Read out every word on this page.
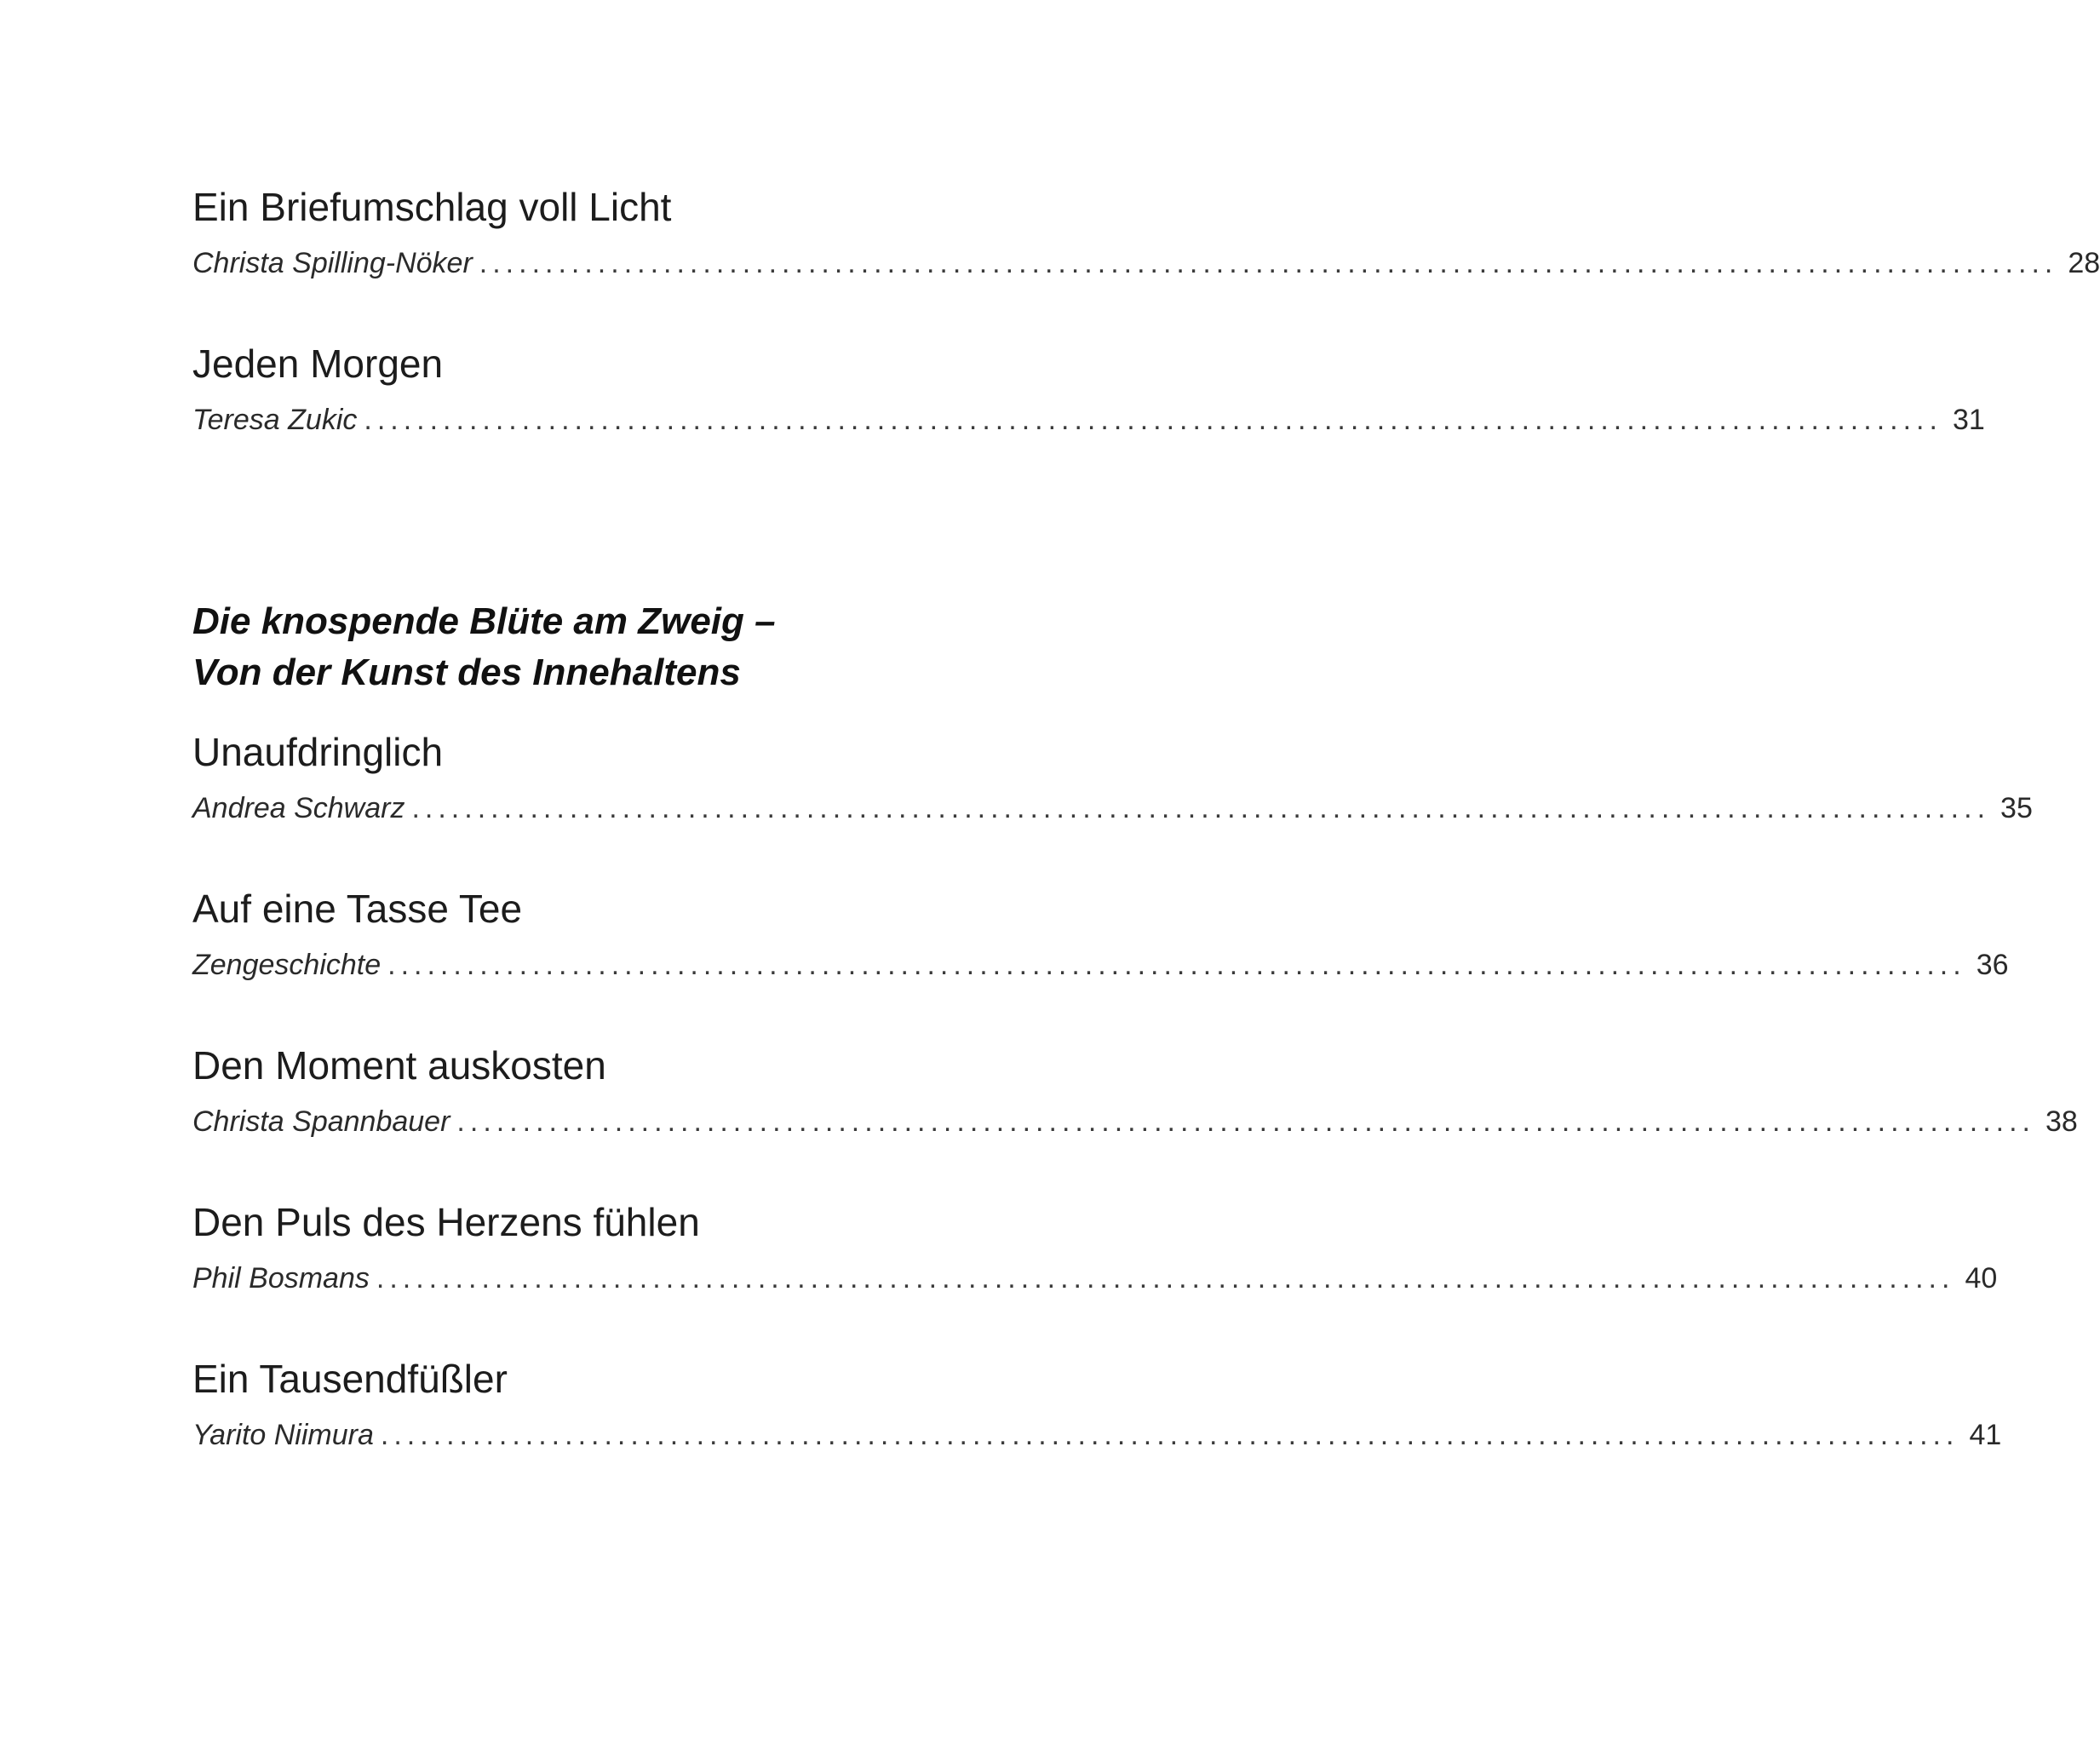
Ein Briefumschlag voll Licht
Christa Spilling-Nöker ........................................................................................................................ 28
Jeden Morgen
Teresa Zukic ........................................................................................................................ 31
Die knospende Blüte am Zweig –
Von der Kunst des Innehaltens
Unaufdringlich
Andrea Schwarz ........................................................................................................................ 35
Auf eine Tasse Tee
Zengeschichte ........................................................................................................................ 36
Den Moment auskosten
Christa Spannbauer ........................................................................................................................ 38
Den Puls des Herzens fühlen
Phil Bosmans ........................................................................................................................ 40
Ein Tausendfüßler
Yarito Niimura ........................................................................................................................ 41
